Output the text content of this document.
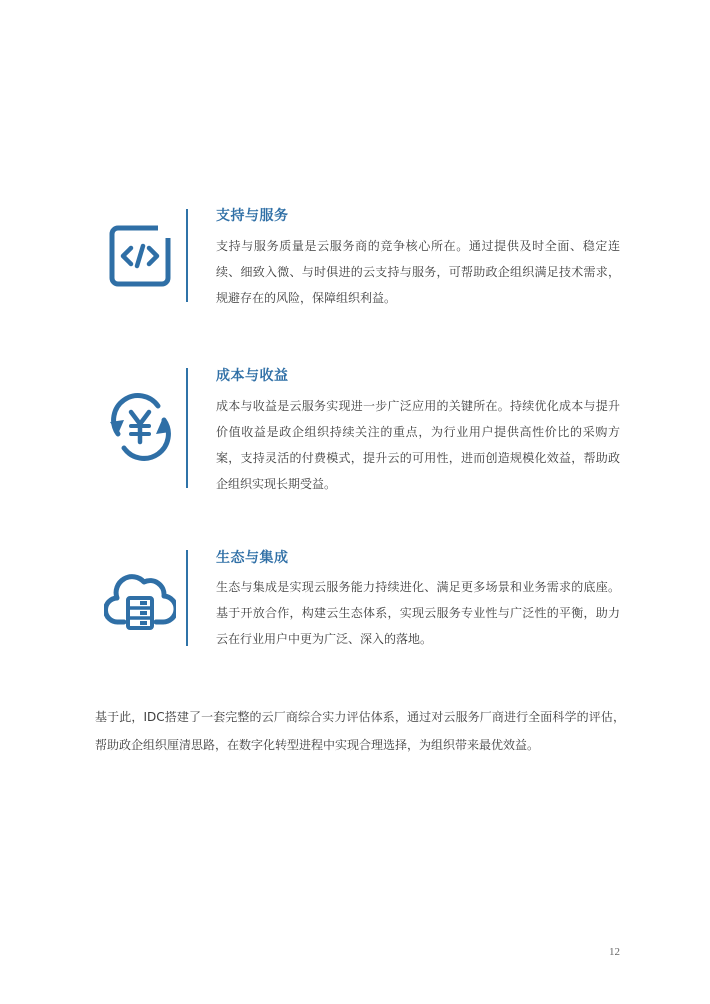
支持与服务

支持与服务质量是云服务商的竞争核心所在。通过提供及时全面、稳定连续、细致入微、与时俱进的云支持与服务，可帮助政企组织满足技术需求，规避存在的风险，保障组织利益。

成本与收益

成本与收益是云服务实现进一步广泛应用的关键所在。持续优化成本与提升价值收益是政企组织持续关注的重点，为行业用户提供高性价比的采购方案，支持灵活的付费模式，提升云的可用性，进而创造规模化效益，帮助政企组织实现长期受益。

生态与集成

生态与集成是实现云服务能力持续进化、满足更多场景和业务需求的底座。基于开放合作，构建云生态体系，实现云服务专业性与广泛性的平衡，助力云在行业用户中更为广泛、深入的落地。

基于此，IDC搭建了一套完整的云厂商综合实力评估体系，通过对云服务厂商进行全面科学的评估，帮助政企组织厘清思路，在数字化转型进程中实现合理选择，为组织带来最优效益。

12
